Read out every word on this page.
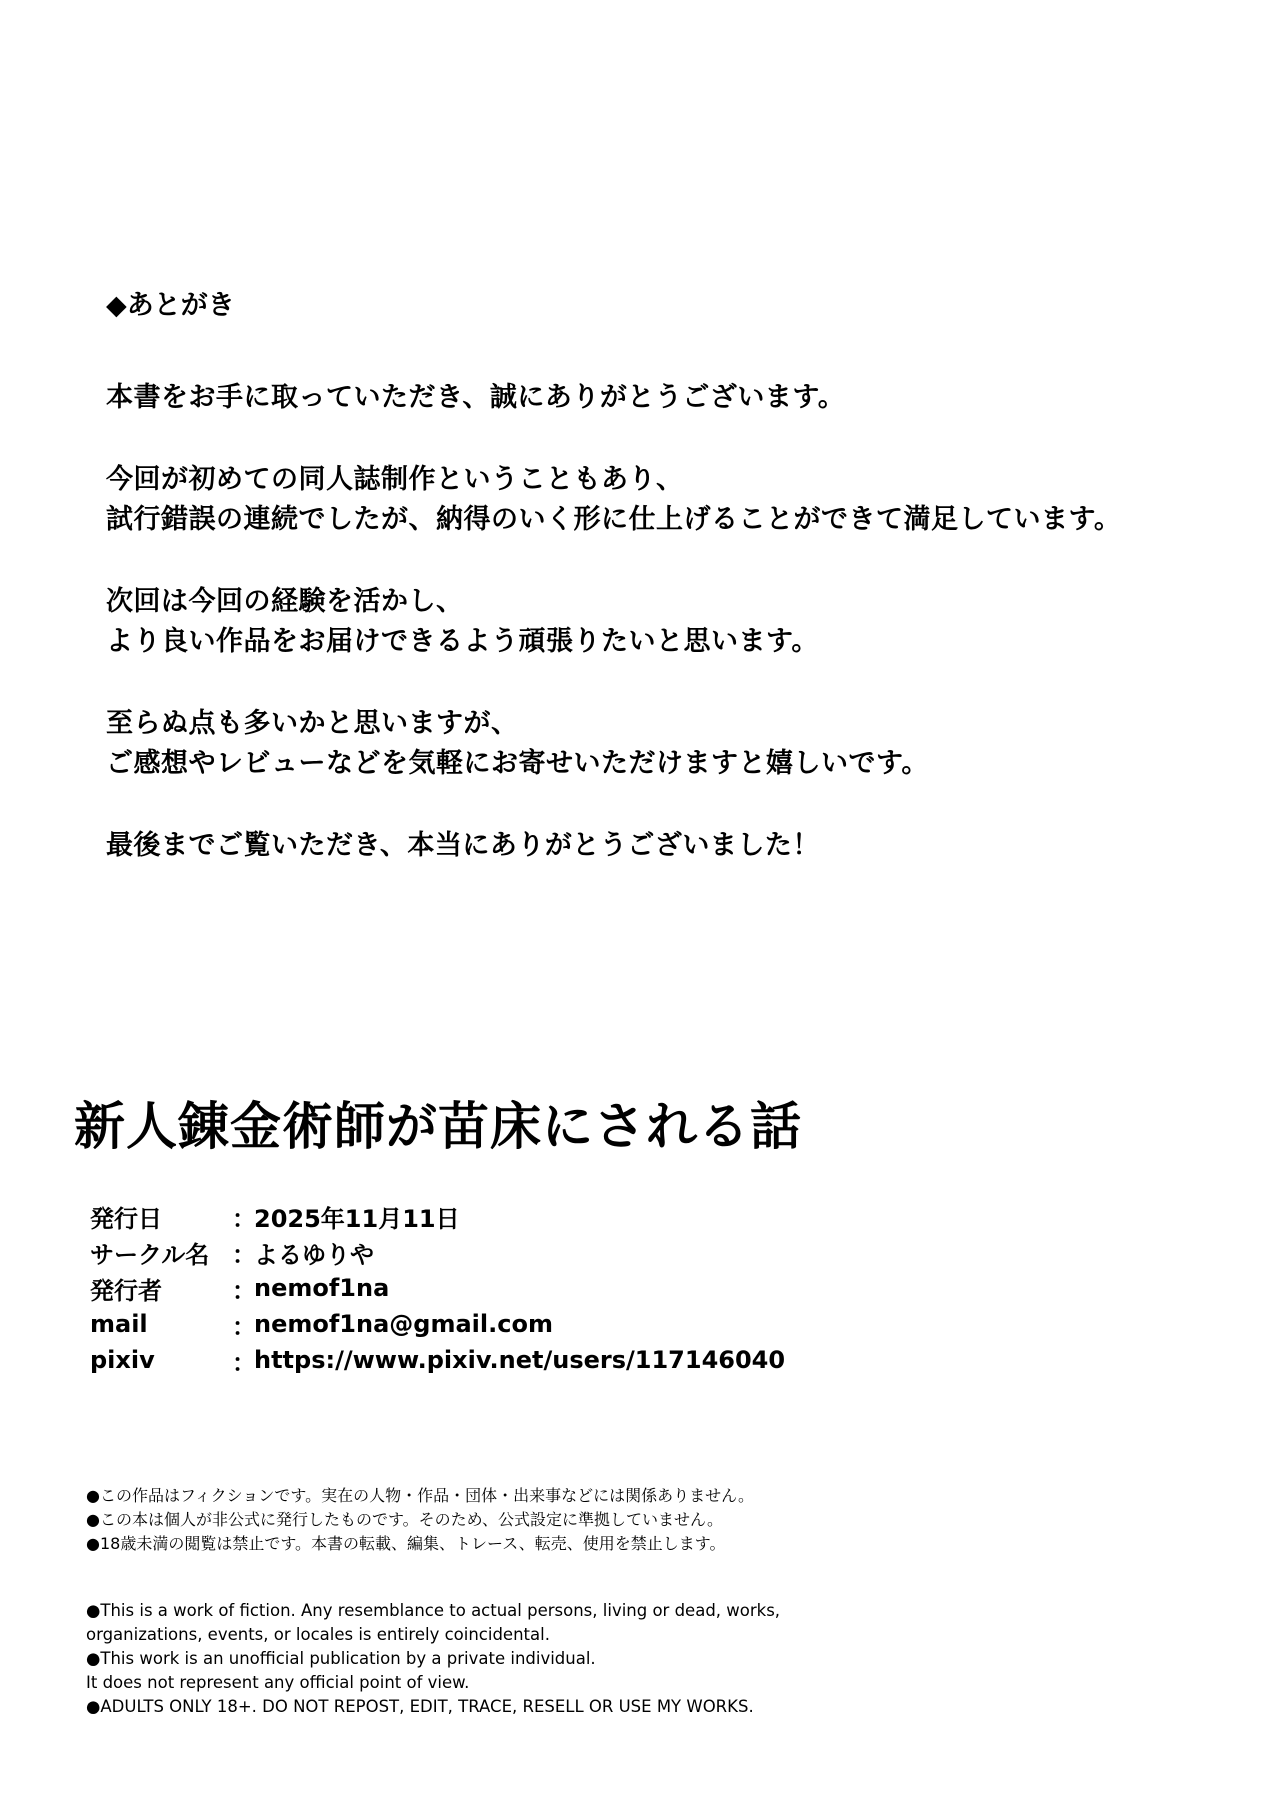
◆あとがき
本書をお手に取っていただき、誠にありがとうございます。
今回が初めての同人誌制作ということもあり、
試行錯誤の連続でしたが、納得のいく形に仕上げることができて満足しています。
次回は今回の経験を活かし、
より良い作品をお届けできるよう頑張りたいと思います。
至らぬ点も多いかと思いますが、
ご感想やレビューなどを気軽にお寄せいただけますと嬉しいです。
最後までご覧いただき、本当にありがとうございました！
新人錬金術師が苗床にされる話
発行日	：
2025年11月11日
サークル名 ：
よるゆりや
発行者	：
nemof1na
mail	：
nemof1na@gmail.com
pixiv	：
https://www.pixiv.net/users/117146040
●この作品はフィクションです。実在の人物・作品・団体・出来事などには関係ありません。
●この本は個人が非公式に発行したものです。そのため、公式設定に準拠していません。
●18歳未満の閲覧は禁止です。本書の転載、編集、トレース、転売、使用を禁止します。
●This is a work of fiction. Any resemblance to actual persons, living or dead, works,
organizations, events, or locales is entirely coincidental.
●This work is an unofficial publication by a private individual.
It does not represent any official point of view.
●ADULTS ONLY 18+. DO NOT REPOST, EDIT, TRACE, RESELL OR USE MY WORKS.
